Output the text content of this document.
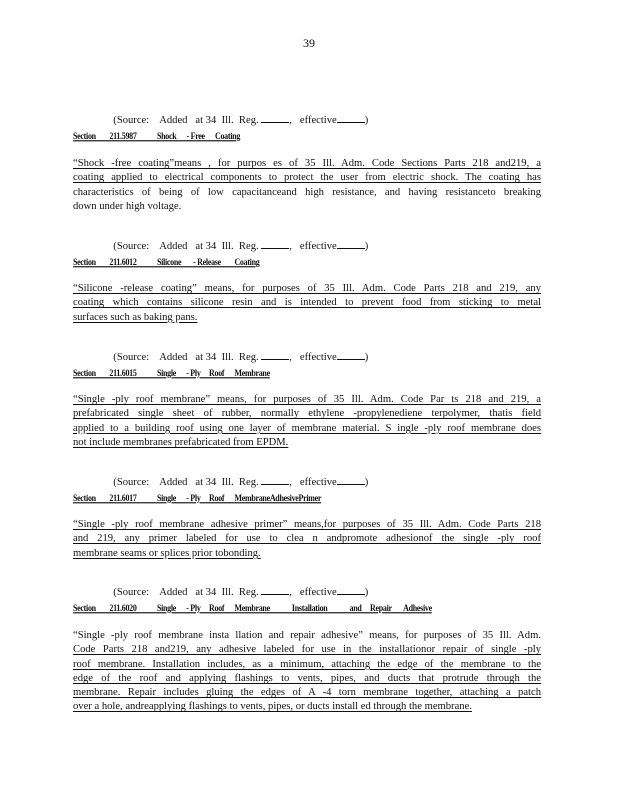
39

(Source:    Added   at 34  Ill.  Reg.	,   effective	)

Section        211.5987            Shock      - Free      Coating
“Shock -free coating”means , for purpos es of 35 Ill. Adm. Code Sections Parts 218 and219, a
coating applied to electrical components to protect the user from electric shock. The coating has
characteristics of being of low capacitanceand high resistance, and having resistanceto breaking
down under high voltage.

(Source:    Added   at 34  Ill.  Reg.	,   effective	)

Section        211.6012            Silicone       - Release        Coating
“Silicone -release coating” means, for purposes of 35 Ill. Adm. Code Parts 218 and 219, any
coating which contains silicone resin and is intended to prevent food from sticking to metal
surfaces such as baking pans.

(Source:    Added   at 34  Ill.  Reg.	,   effective	)

Section        211.6015            Single      - Ply     Roof      Membrane
“Single -ply roof membrane” means, for purposes of 35 Ill. Adm. Code Par ts 218 and 219, a
prefabricated single sheet of rubber, normally ethylene -propylenediene terpolymer, thatis field
applied to a building roof using one layer of membrane material. S ingle -ply roof membrane does
not include membranes prefabricated from EPDM.

(Source:    Added   at 34  Ill.  Reg.	,   effective	)

Section        211.6017            Single      - Ply     Roof      MembraneAdhesivePrimer
“Single -ply roof membrane adhesive primer” means,for purposes of 35 Ill. Adm. Code Parts 218
and 219, any primer labeled for use to clea n andpromote adhesionof the single -ply roof
membrane seams or splices prior tobonding.

(Source:    Added   at 34  Ill.  Reg.	,   effective	)

Section        211.6020            Single      - Ply     Roof      Membrane             Installation             and     Repair       Adhesive
“Single -ply roof membrane insta llation and repair adhesive” means, for purposes of 35 Ill. Adm.
Code Parts 218 and219, any adhesive labeled for use in the installationor repair of single -ply
roof membrane. Installation includes, as a minimum, attaching the edge of the membrane to the
edge of the roof and applying flashings to vents, pipes, and ducts that protrude through the
membrane. Repair includes gluing the edges of A -4 torn membrane together, attaching a patch
over a hole, andreapplying flashings to vents, pipes, or ducts install ed through the membrane.
